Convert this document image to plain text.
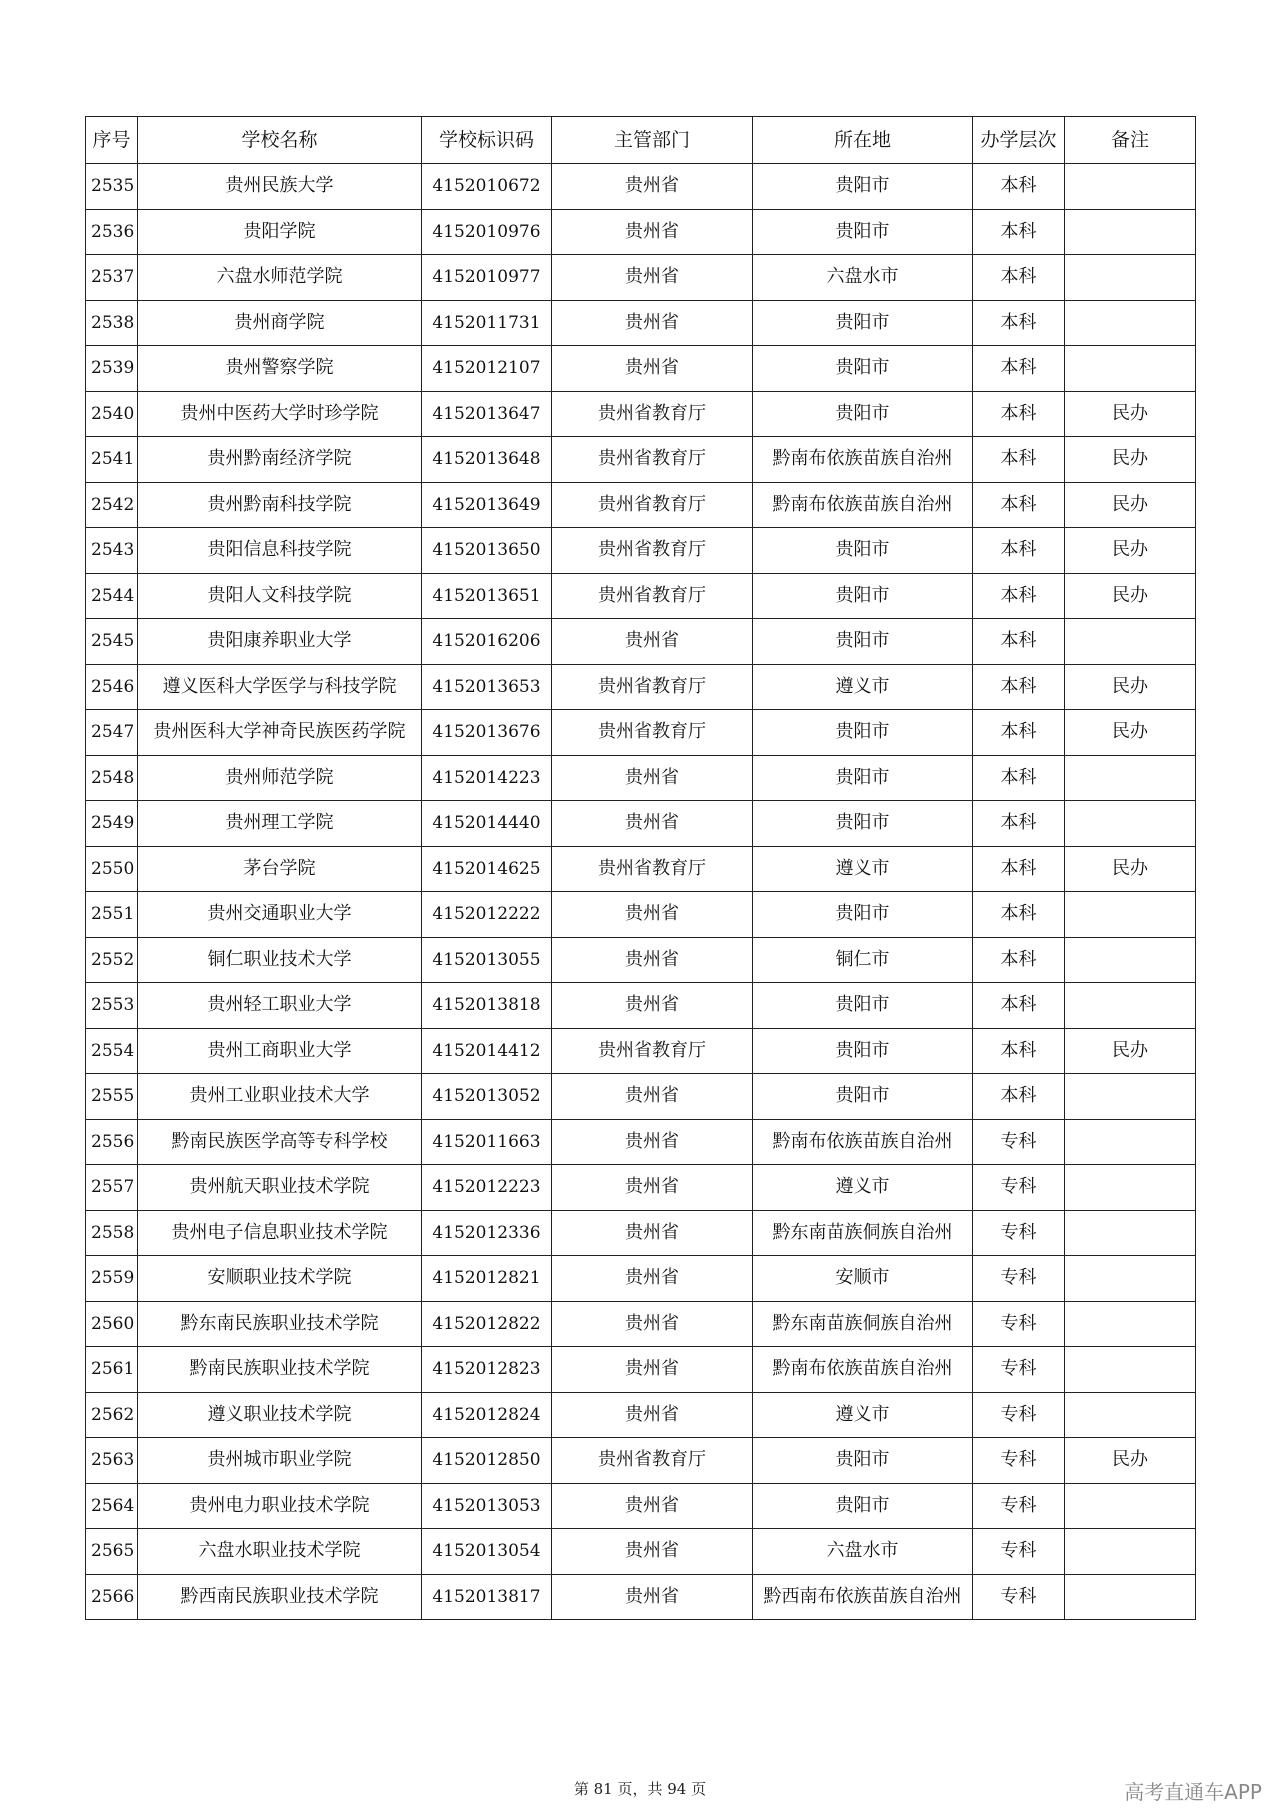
序号	学校名称	学校标识码	主管部门	所在地	办学层次	备注
2535	贵州民族大学	4152010672	贵州省	贵阳市	本科	
2536	贵阳学院	4152010976	贵州省	贵阳市	本科	
2537	六盘水师范学院	4152010977	贵州省	六盘水市	本科	
2538	贵州商学院	4152011731	贵州省	贵阳市	本科	
2539	贵州警察学院	4152012107	贵州省	贵阳市	本科	
2540	贵州中医药大学时珍学院	4152013647	贵州省教育厅	贵阳市	本科	民办
2541	贵州黔南经济学院	4152013648	贵州省教育厅	黔南布依族苗族自治州	本科	民办
2542	贵州黔南科技学院	4152013649	贵州省教育厅	黔南布依族苗族自治州	本科	民办
2543	贵阳信息科技学院	4152013650	贵州省教育厅	贵阳市	本科	民办
2544	贵阳人文科技学院	4152013651	贵州省教育厅	贵阳市	本科	民办
2545	贵阳康养职业大学	4152016206	贵州省	贵阳市	本科	
2546	遵义医科大学医学与科技学院	4152013653	贵州省教育厅	遵义市	本科	民办
2547	贵州医科大学神奇民族医药学院	4152013676	贵州省教育厅	贵阳市	本科	民办
2548	贵州师范学院	4152014223	贵州省	贵阳市	本科	
2549	贵州理工学院	4152014440	贵州省	贵阳市	本科	
2550	茅台学院	4152014625	贵州省教育厅	遵义市	本科	民办
2551	贵州交通职业大学	4152012222	贵州省	贵阳市	本科	
2552	铜仁职业技术大学	4152013055	贵州省	铜仁市	本科	
2553	贵州轻工职业大学	4152013818	贵州省	贵阳市	本科	
2554	贵州工商职业大学	4152014412	贵州省教育厅	贵阳市	本科	民办
2555	贵州工业职业技术大学	4152013052	贵州省	贵阳市	本科	
2556	黔南民族医学高等专科学校	4152011663	贵州省	黔南布依族苗族自治州	专科	
2557	贵州航天职业技术学院	4152012223	贵州省	遵义市	专科	
2558	贵州电子信息职业技术学院	4152012336	贵州省	黔东南苗族侗族自治州	专科	
2559	安顺职业技术学院	4152012821	贵州省	安顺市	专科	
2560	黔东南民族职业技术学院	4152012822	贵州省	黔东南苗族侗族自治州	专科	
2561	黔南民族职业技术学院	4152012823	贵州省	黔南布依族苗族自治州	专科	
2562	遵义职业技术学院	4152012824	贵州省	遵义市	专科	
2563	贵州城市职业学院	4152012850	贵州省教育厅	贵阳市	专科	民办
2564	贵州电力职业技术学院	4152013053	贵州省	贵阳市	专科	
2565	六盘水职业技术学院	4152013054	贵州省	六盘水市	专科	
2566	黔西南民族职业技术学院	4152013817	贵州省	黔西南布依族苗族自治州	专科	
第 81 页，共 94 页	高考直通车APP
